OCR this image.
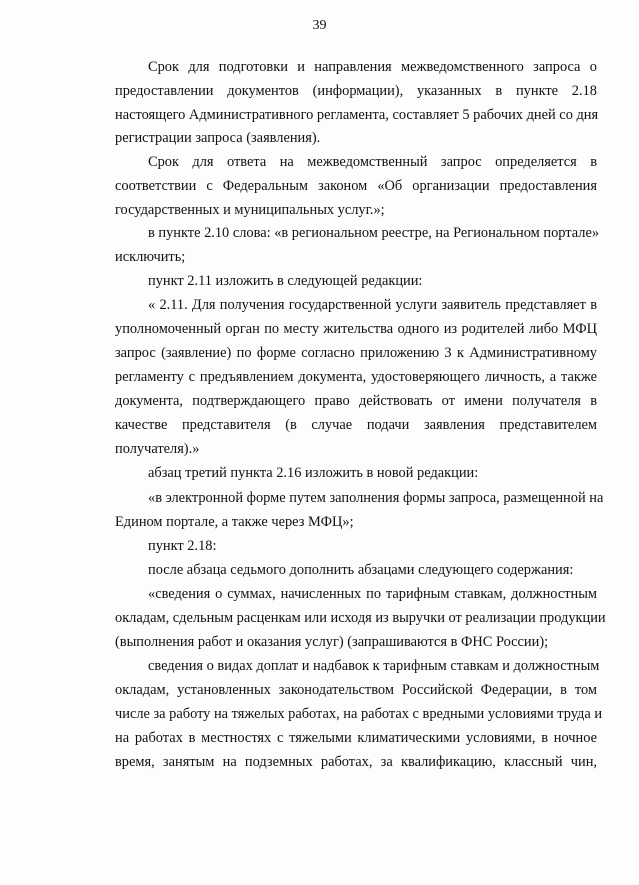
39
Срок для подготовки и направления межведомственного запроса о
предоставлении документов (информации), указанных в пункте 2.18
настоящего Административного регламента, составляет 5 рабочих дней со дня
регистрации запроса (заявления).
Срок для ответа на межведомственный запрос определяется в
соответствии с Федеральным законом «Об организации предоставления
государственных и муниципальных услуг.»;
в пункте 2.10 слова: «в региональном реестре, на Региональном портале»
исключить;
пункт 2.11 изложить в следующей редакции:
« 2.11. Для получения государственной услуги заявитель представляет в
уполномоченный орган по месту жительства одного из родителей либо МФЦ
запрос (заявление) по форме согласно приложению 3 к Административному
регламенту с предъявлением документа, удостоверяющего личность, а также
документа, подтверждающего право действовать от имени получателя в
качестве представителя (в случае подачи заявления представителем
получателя).»
абзац третий пункта 2.16 изложить в новой редакции:
«в электронной форме путем заполнения формы запроса, размещенной на
Едином портале, а также через МФЦ»;
пункт 2.18:
после абзаца седьмого дополнить абзацами следующего содержания:
«сведения о суммах, начисленных по тарифным ставкам, должностным
окладам, сдельным расценкам или исходя из выручки от реализации продукции
(выполнения работ и оказания услуг) (запрашиваются в ФНС России);
сведения о видах доплат и надбавок к тарифным ставкам и должностным
окладам, установленных законодательством Российской Федерации, в том
числе за работу на тяжелых работах, на работах с вредными условиями труда и
на работах в местностях с тяжелыми климатическими условиями, в ночное
время, занятым на подземных работах, за квалификацию, классный чин,
